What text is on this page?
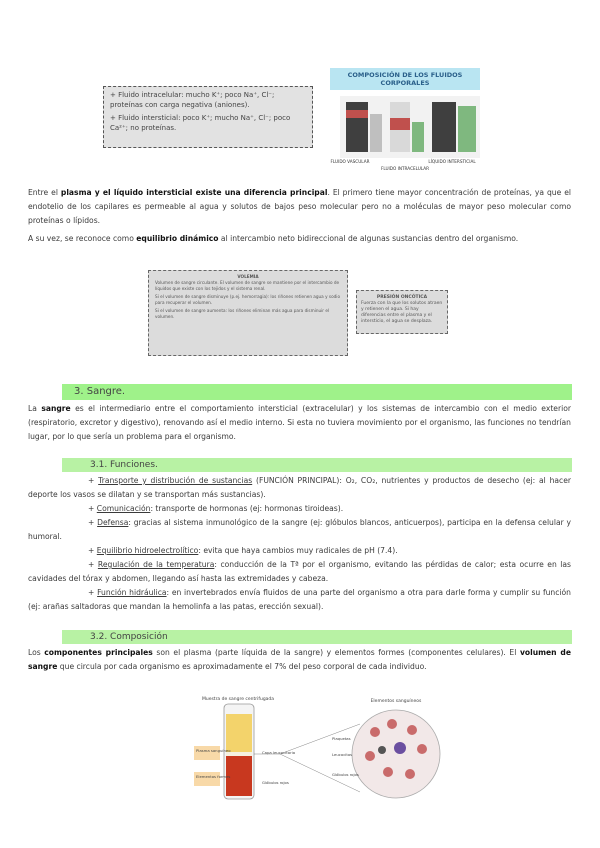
+ Fluido intracelular: mucho K⁺; poco Na⁺, Cl⁻; proteínas con carga negativa (aniones).

+ Fluido intersticial: poco K⁺; mucho Na⁺, Cl⁻; poco Ca²⁺; no proteínas.

COMPOSICIÓN DE LOS FLUIDOS
CORPORALES
FLUIDO VASCULAR	LÍQUIDO INTERSTICIAL
FLUIDO INTRACELULAR
Entre el plasma y el líquido intersticial existe una diferencia principal. El primero tiene mayor concentración de proteínas, ya que el endotelio de los capilares es permeable al agua y solutos de bajos peso molecular pero no a moléculas de mayor peso molecular como proteínas o lípidos.
A su vez, se reconoce como equilibrio dinámico al intercambio neto bidireccional de algunas sustancias dentro del organismo.
VOLEMIA
Volumen de sangre circulante. El volumen de sangre se mantiene por el intercambio de líquidos que existe con los tejidos y el sistema renal.
Si el volumen de sangre disminuye (p.ej. hemorragia): los riñones retienen agua y sodio para recuperar el volumen.
Si el volumen de sangre aumenta: los riñones eliminan más agua para disminuir el volumen.
PRESIÓN ONCÓTICA
Fuerza con la que los solutos atraen y retienen el agua. Si hay diferencias entre el plasma y el intersticio, el agua se desplaza.
3. Sangre.
La sangre es el intermediario entre el comportamiento intersticial (extracelular) y los sistemas de intercambio con el medio exterior (respiratorio, excretor y digestivo), renovando así el medio interno. Si esta no tuviera movimiento por el organismo, las funciones no tendrían lugar, por lo que sería un problema para el organismo.
3.1. Funciones.
+ Transporte y distribución de sustancias (FUNCIÓN PRINCIPAL): O₂, CO₂, nutrientes y productos de desecho (ej: al hacer deporte los vasos se dilatan y se transportan más sustancias).
+ Comunicación: transporte de hormonas (ej: hormonas tiroideas).
+ Defensa: gracias al sistema inmunológico de la sangre (ej: glóbulos blancos, anticuerpos), participa en la defensa celular y humoral.
+ Equilibrio hidroelectrolítico: evita que haya cambios muy radicales de pH (7.4).
+ Regulación de la temperatura: conducción de la Tª por el organismo, evitando las pérdidas de calor; esta ocurre en las cavidades del tórax y abdomen, llegando así hasta las extremidades y cabeza.
+ Función hidráulica: en invertebrados envía fluidos de una parte del organismo a otra para darle forma y cumplir su función (ej: arañas saltadoras que mandan la hemolinfa a las patas, erección sexual).
3.2. Composición
Los componentes principales son el plasma (parte líquida de la sangre) y elementos formes (componentes celulares). El volumen de sangre que circula por cada organismo es aproximadamente el 7% del peso corporal de cada individuo.
Muestra de sangre centrifugada
Plasma sanguíneo
Elementos formes
Capa leucocitaria
Glóbulos rojos
Elementos sanguíneos
Plaquetas
Leucocitos
Glóbulos rojos
